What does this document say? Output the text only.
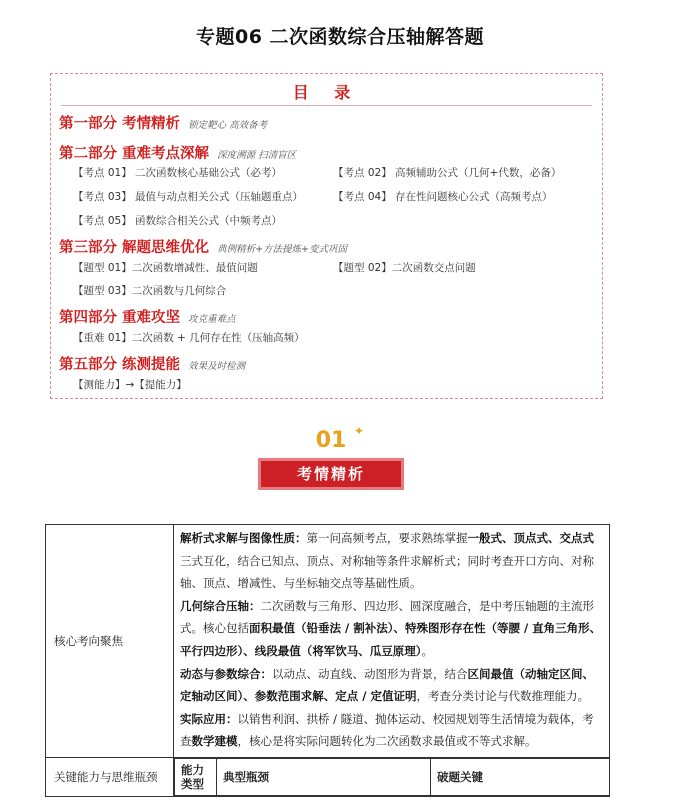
专题06 二次函数综合压轴解答题
目 录
第一部分 考情精析 锁定靶心 高效备考
第二部分 重难考点深解 深度溯源 扫清盲区
【考点 01】 二次函数核心基础公式（必考）	【考点 02】 高频辅助公式（几何+代数，必备）
【考点 03】 最值与动点相关公式（压轴题重点）	【考点 04】 存在性问题核心公式（高频考点）
【考点 05】 函数综合相关公式（中频考点）
第三部分 解题思维优化 典例精析+方法提炼+变式巩固
【题型 01】二次函数增减性、最值问题	【题型 02】二次函数交点问题
【题型 03】二次函数与几何综合
第四部分 重难攻坚 攻克重难点
【重难 01】二次函数 + 几何存在性（压轴高频）
第五部分 练测提能 效果及时检测
【测能力】→【提能力】
01 ✦
考情精析
核心考向聚焦	
解析式求解与图像性质：第一问高频考点，要求熟练掌握一般式、顶点式、交点式三式互化，结合已知点、顶点、对称轴等条件求解析式；同时考查开口方向、对称轴、顶点、增减性、与坐标轴交点等基础性质。
几何综合压轴：二次函数与三角形、四边形、圆深度融合，是中考压轴题的主流形式。核心包括面积最值（铅垂法 / 割补法）、特殊图形存在性（等腰 / 直角三角形、平行四边形）、线段最值（将军饮马、瓜豆原理）。
动态与参数综合：以动点、动直线、动图形为背景，结合区间最值（动轴定区间、定轴动区间）、参数范围求解、定点 / 定值证明，考查分类讨论与代数推理能力。
实际应用：以销售利润、拱桥 / 隧道、抛体运动、校园规划等生活情境为载体，考查数学建模，核心是将实际问题转化为二次函数求最值或不等式求解。

关键能力与思维瓶颈	能力类型	典型瓶颈	破题关键
